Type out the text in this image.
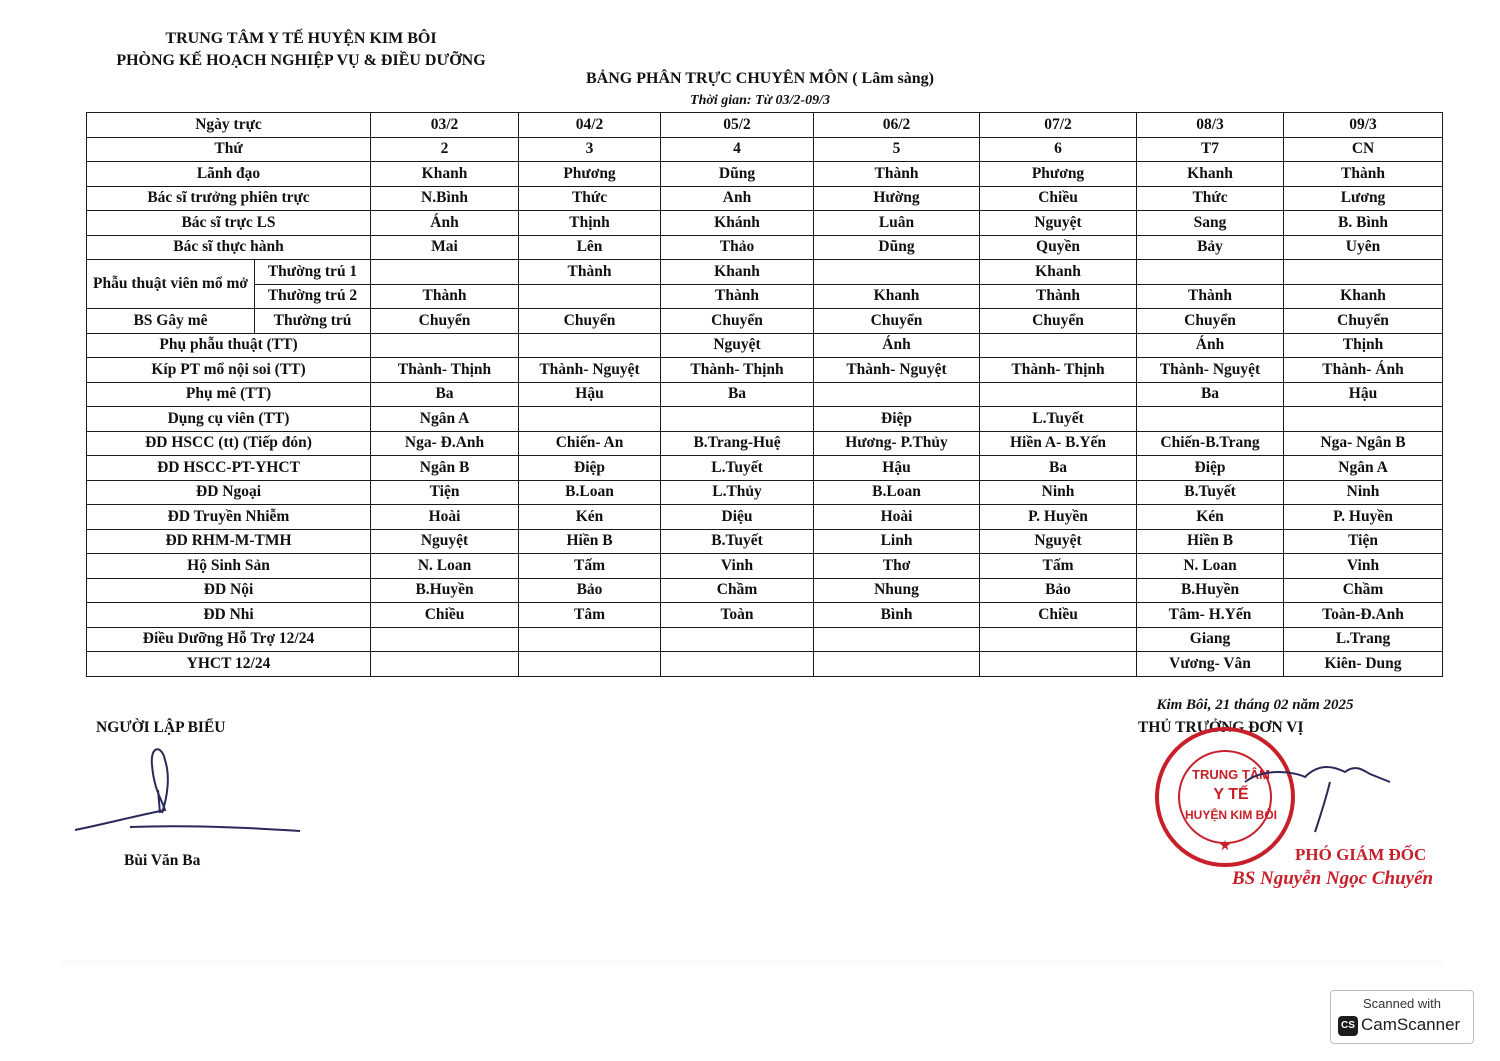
TRUNG TÂM Y TẾ HUYỆN KIM BÔI
PHÒNG KẾ HOẠCH NGHIỆP VỤ & ĐIỀU DƯỠNG
BẢNG PHÂN TRỰC CHUYÊN MÔN ( Lâm sàng)
Thời gian: Từ 03/2-09/3
Ngày trực		03/2	04/2	05/2	06/2	07/2	08/3	09/3
Thứ		2	3	4	5	6	T7	CN
Lãnh đạo		Khanh	Phương	Dũng	Thành	Phương	Khanh	Thành
Bác sĩ trưởng phiên trực		N.Bình	Thức	Anh	Hường	Chiều	Thức	Lương
Bác sĩ trực LS		Ánh	Thịnh	Khánh	Luân	Nguyệt	Sang	B. Bình
Bác sĩ thực hành		Mai	Lên	Thảo	Dũng	Quyền	Bảy	Uyên
Phẫu thuật viên mổ mở	Thường trú 1		Thành	Khanh		Khanh		
	Thường trú 2	Thành		Thành	Khanh	Thành	Thành	Khanh
BS Gây mê	Thường trú	Chuyển	Chuyển	Chuyển	Chuyển	Chuyển	Chuyển	Chuyển
Phụ phẫu thuật (TT)				Nguyệt	Ánh		Ánh	Thịnh
Kíp PT mổ nội soi (TT)		Thành- Thịnh	Thành- Nguyệt	Thành- Thịnh	Thành- Nguyệt	Thành- Thịnh	Thành- Nguyệt	Thành- Ánh
Phụ mê (TT)		Ba	Hậu	Ba			Ba	Hậu
Dụng cụ viên (TT)		Ngân A			Điệp	L.Tuyết		
ĐD HSCC (tt) (Tiếp đón)		Nga- Đ.Anh	Chiến- An	B.Trang-Huệ	Hương- P.Thủy	Hiền A- B.Yến	Chiến-B.Trang	Nga- Ngân B
ĐD HSCC-PT-YHCT		Ngân B	Điệp	L.Tuyết	Hậu	Ba	Điệp	Ngân A
ĐD Ngoại		Tiện	B.Loan	L.Thủy	B.Loan	Ninh	B.Tuyết	Ninh
ĐD Truyền Nhiễm		Hoài	Kén	Diệu	Hoài	P. Huyền	Kén	P. Huyền
ĐD RHM-M-TMH		Nguyệt	Hiền B	B.Tuyết	Linh	Nguyệt	Hiền B	Tiện
Hộ Sinh Sản		N. Loan	Tấm	Vinh	Thơ	Tấm	N. Loan	Vinh
ĐD Nội		B.Huyền	Bảo	Chầm	Nhung	Bảo	B.Huyền	Chầm
ĐD Nhi		Chiều	Tâm	Toàn	Bình	Chiều	Tâm- H.Yến	Toàn-Đ.Anh
Điều Dưỡng Hỗ Trợ 12/24							Giang	L.Trang
YHCT 12/24							Vương- Vân	Kiên- Dung
Kim Bôi, 21 tháng 02 năm 2025
NGƯỜI LẬP BIỂU	THỦ TRƯỞNG ĐƠN VỊ
Bùi Văn Ba
★
TRUNG TÂM
Y TẾ
HUYỆN KIM BÔI
PHÓ GIÁM ĐỐC
BS Nguyễn Ngọc Chuyển
Scanned with
CS CamScanner
